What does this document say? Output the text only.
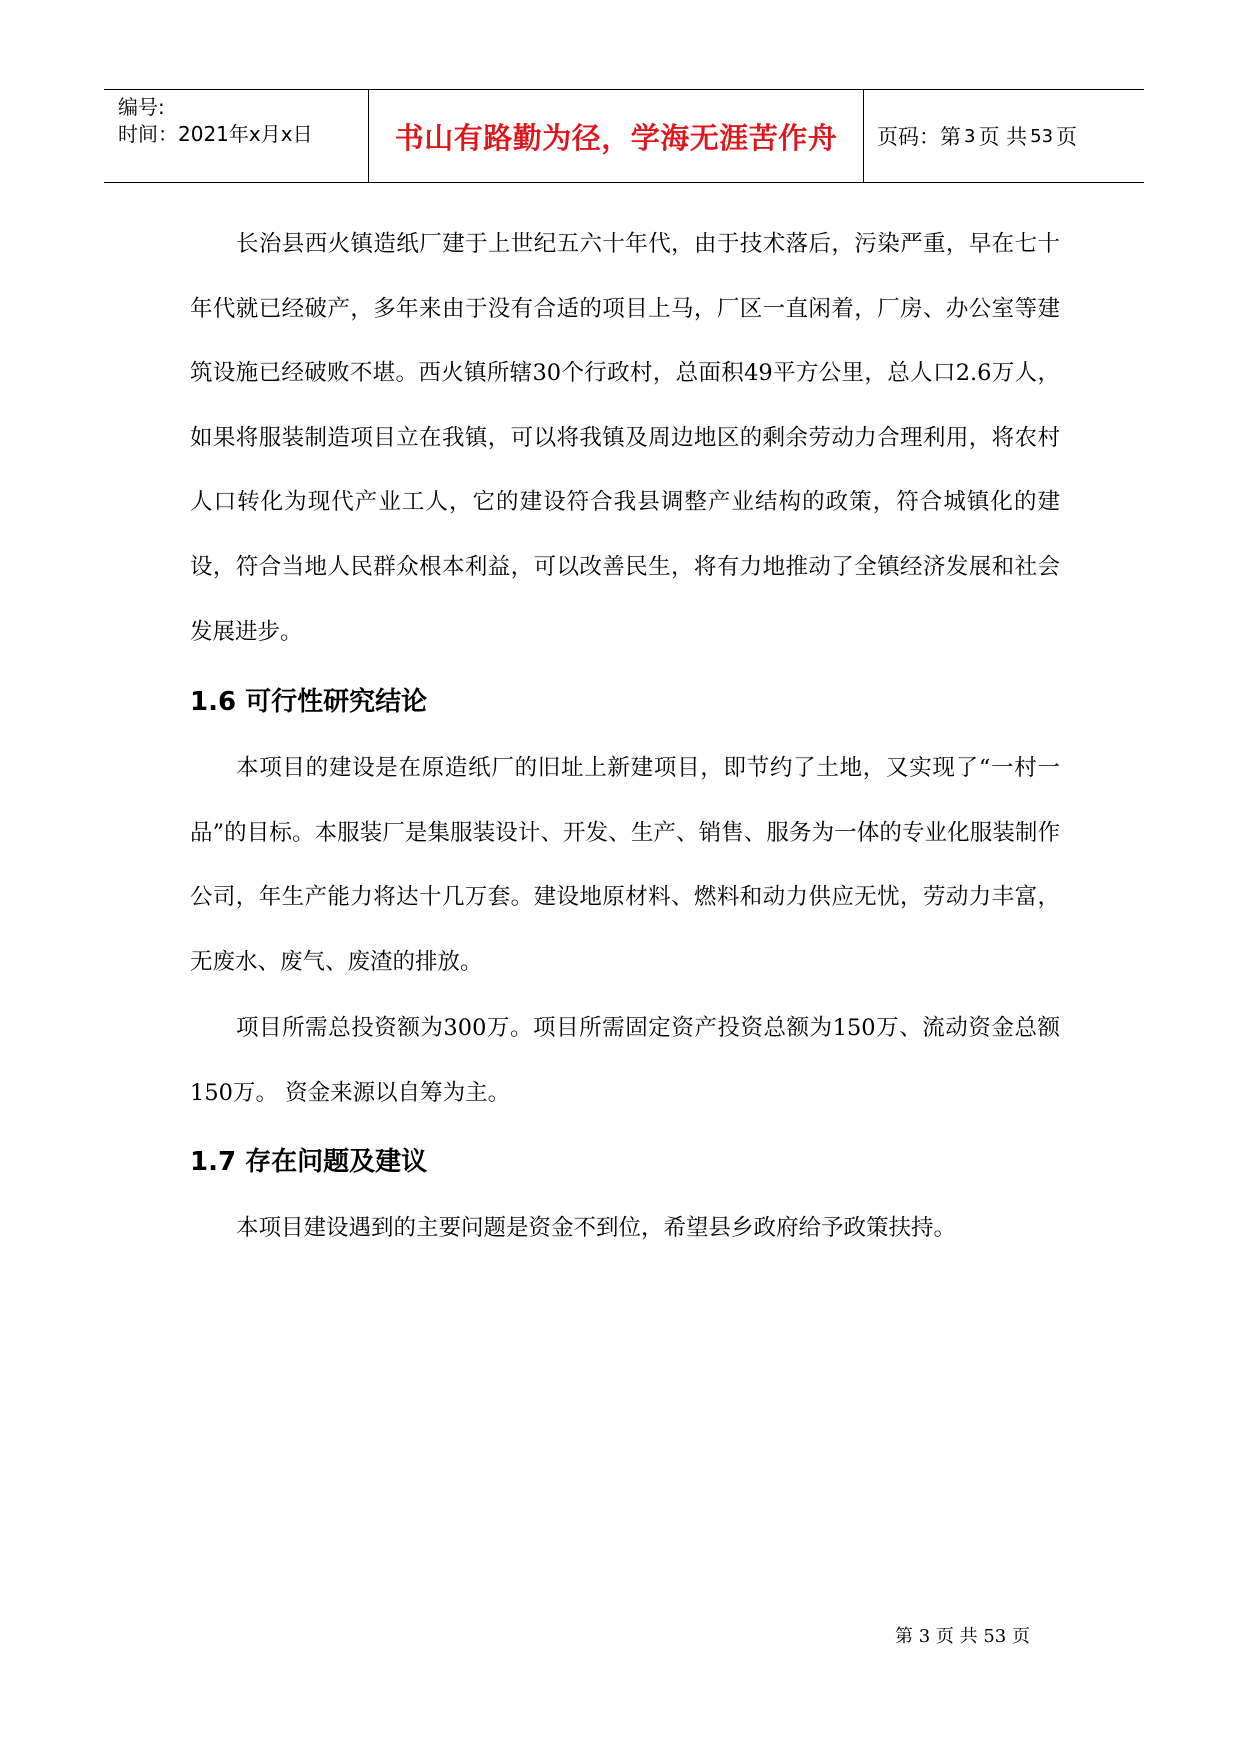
编号:
时间：2021年x月x日	书山有路勤为径，学海无涯苦作舟 页码：第 3 页 共 53 页

长治县西火镇造纸厂建于上世纪五六十年代，由于技术落后，污染严重，早在七十年代就已经破产，多年来由于没有合适的项目上马，厂区一直闲着，厂房、办公室等建筑设施已经破败不堪。西火镇所辖30个行政村，总面积49平方公里，总人口2.6万人，如果将服装制造项目立在我镇，可以将我镇及周边地区的剩余劳动力合理利用，将农村人口转化为现代产业工人，它的建设符合我县调整产业结构的政策，符合城镇化的建设，符合当地人民群众根本利益，可以改善民生，将有力地推动了全镇经济发展和社会发展进步。

1.6 可行性研究结论

本项目的建设是在原造纸厂的旧址上新建项目，即节约了土地，又实现了“一村一品”的目标。本服装厂是集服装设计、开发、生产、销售、服务为一体的专业化服装制作公司，年生产能力将达十几万套。建设地原材料、燃料和动力供应无忧，劳动力丰富，无废水、废气、废渣的排放。

项目所需总投资额为300万。项目所需固定资产投资总额为150万、流动资金总额150万。 资金来源以自筹为主。

1.7 存在问题及建议

本项目建设遇到的主要问题是资金不到位，希望县乡政府给予政策扶持。

第 3 页 共 53 页
